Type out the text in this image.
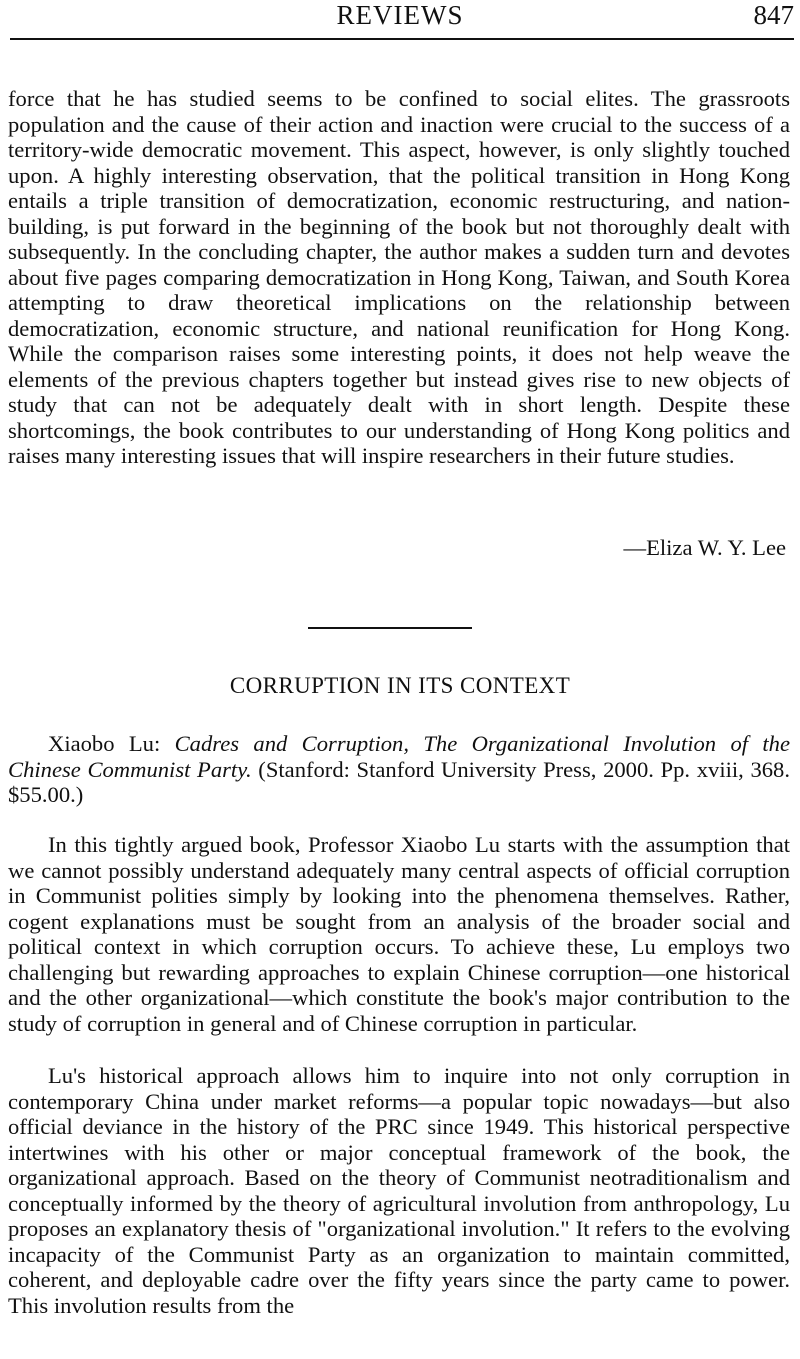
REVIEWS	847

force that he has studied seems to be confined to social elites. The grassroots population and the cause of their action and inaction were crucial to the success of a territory-wide democratic movement. This aspect, however, is only slightly touched upon. A highly interesting observation, that the political transition in Hong Kong entails a triple transition of democratization, economic restructuring, and nation-building, is put forward in the beginning of the book but not thoroughly dealt with subsequently. In the concluding chapter, the author makes a sudden turn and devotes about five pages comparing democratization in Hong Kong, Taiwan, and South Korea attempting to draw theoretical implications on the relationship between democratization, economic structure, and national reunification for Hong Kong. While the comparison raises some interesting points, it does not help weave the elements of the previous chapters together but instead gives rise to new objects of study that can not be adequately dealt with in short length. Despite these shortcomings, the book contributes to our understanding of Hong Kong politics and raises many interesting issues that will inspire researchers in their future studies.

—Eliza W. Y. Lee
CORRUPTION IN ITS CONTEXT

Xiaobo Lu: Cadres and Corruption, The Organizational Involution of the Chinese Communist Party. (Stanford: Stanford University Press, 2000. Pp. xviii, 368. $55.00.)

In this tightly argued book, Professor Xiaobo Lu starts with the assumption that we cannot possibly understand adequately many central aspects of official corruption in Communist polities simply by looking into the phenomena themselves. Rather, cogent explanations must be sought from an analysis of the broader social and political context in which corruption occurs. To achieve these, Lu employs two challenging but rewarding approaches to explain Chinese corruption—one historical and the other organizational—which constitute the book's major contribution to the study of corruption in general and of Chinese corruption in particular.

Lu's historical approach allows him to inquire into not only corruption in contemporary China under market reforms—a popular topic nowadays—but also official deviance in the history of the PRC since 1949. This historical perspective intertwines with his other or major conceptual framework of the book, the organizational approach. Based on the theory of Communist neotraditionalism and conceptually informed by the theory of agricultural involution from anthropology, Lu proposes an explanatory thesis of "organizational involution." It refers to the evolving incapacity of the Communist Party as an organization to maintain committed, coherent, and deployable cadre over the fifty years since the party came to power. This involution results from the
